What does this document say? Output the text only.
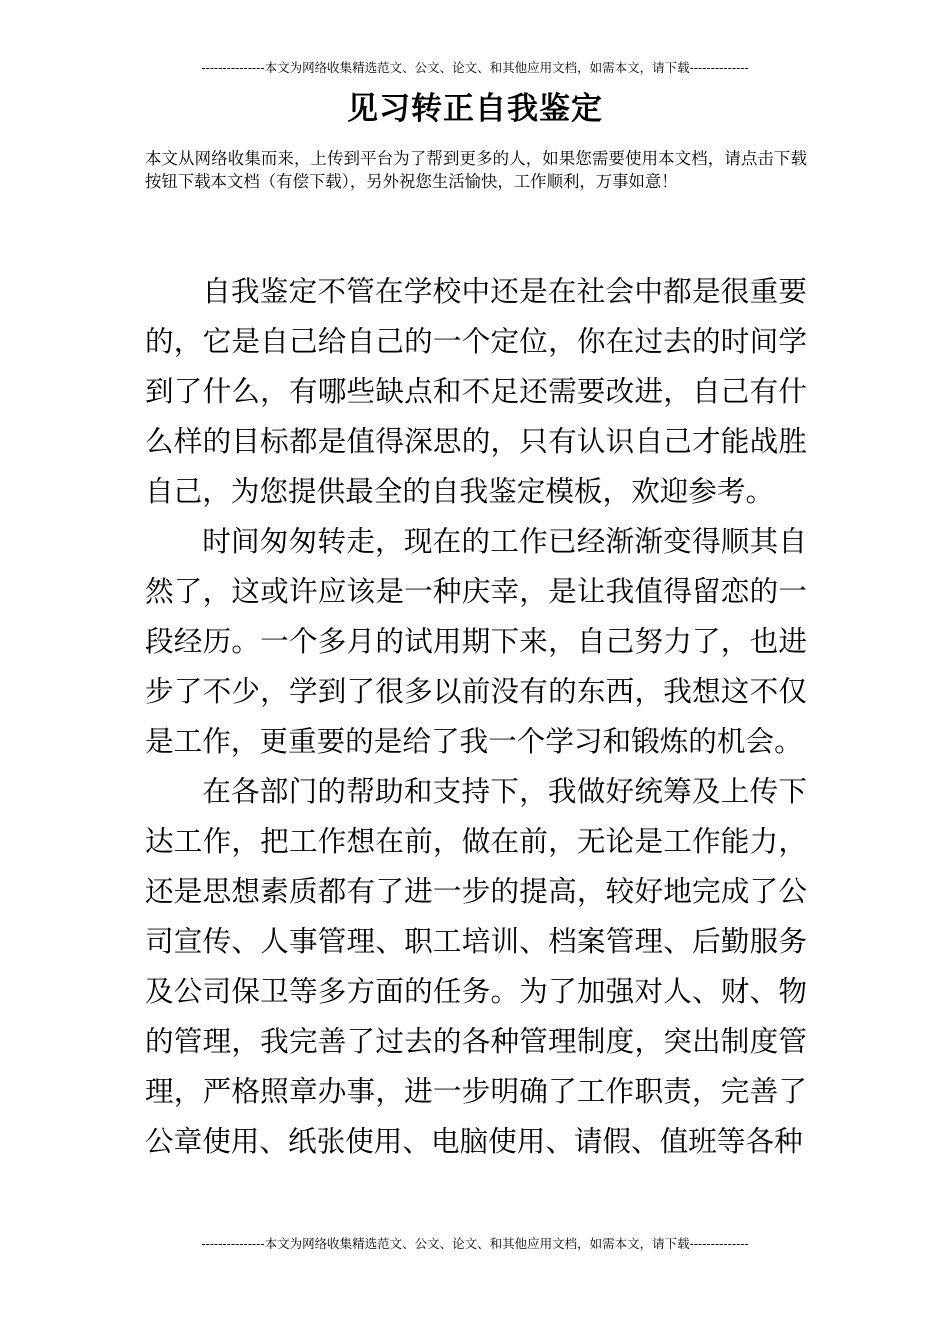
---------------本文为网络收集精选范文、公文、论文、和其他应用文档，如需本文，请下载--------------
见习转正自我鉴定

本文从网络收集而来，上传到平台为了帮到更多的人，如果您需要使用本文档，请点击下载按钮下载本文档（有偿下载），另外祝您生活愉快，工作顺利，万事如意！

自我鉴定不管在学校中还是在社会中都是很重要的，它是自己给自己的一个定位，你在过去的时间学到了什么，有哪些缺点和不足还需要改进，自己有什么样的目标都是值得深思的，只有认识自己才能战胜自己，为您提供最全的自我鉴定模板，欢迎参考。

时间匆匆转走，现在的工作已经渐渐变得顺其自然了，这或许应该是一种庆幸，是让我值得留恋的一段经历。一个多月的试用期下来，自己努力了，也进步了不少，学到了很多以前没有的东西，我想这不仅是工作，更重要的是给了我一个学习和锻炼的机会。

在各部门的帮助和支持下，我做好统筹及上传下达工作，把工作想在前，做在前，无论是工作能力，还是思想素质都有了进一步的提高，较好地完成了公司宣传、人事管理、职工培训、档案管理、后勤服务及公司保卫等多方面的任务。为了加强对人、财、物的管理，我完善了过去的各种管理制度，突出制度管理，严格照章办事，进一步明确了工作职责，完善了公章使用、纸张使用、电脑使用、请假、值班等各种

---------------本文为网络收集精选范文、公文、论文、和其他应用文档，如需本文，请下载--------------
